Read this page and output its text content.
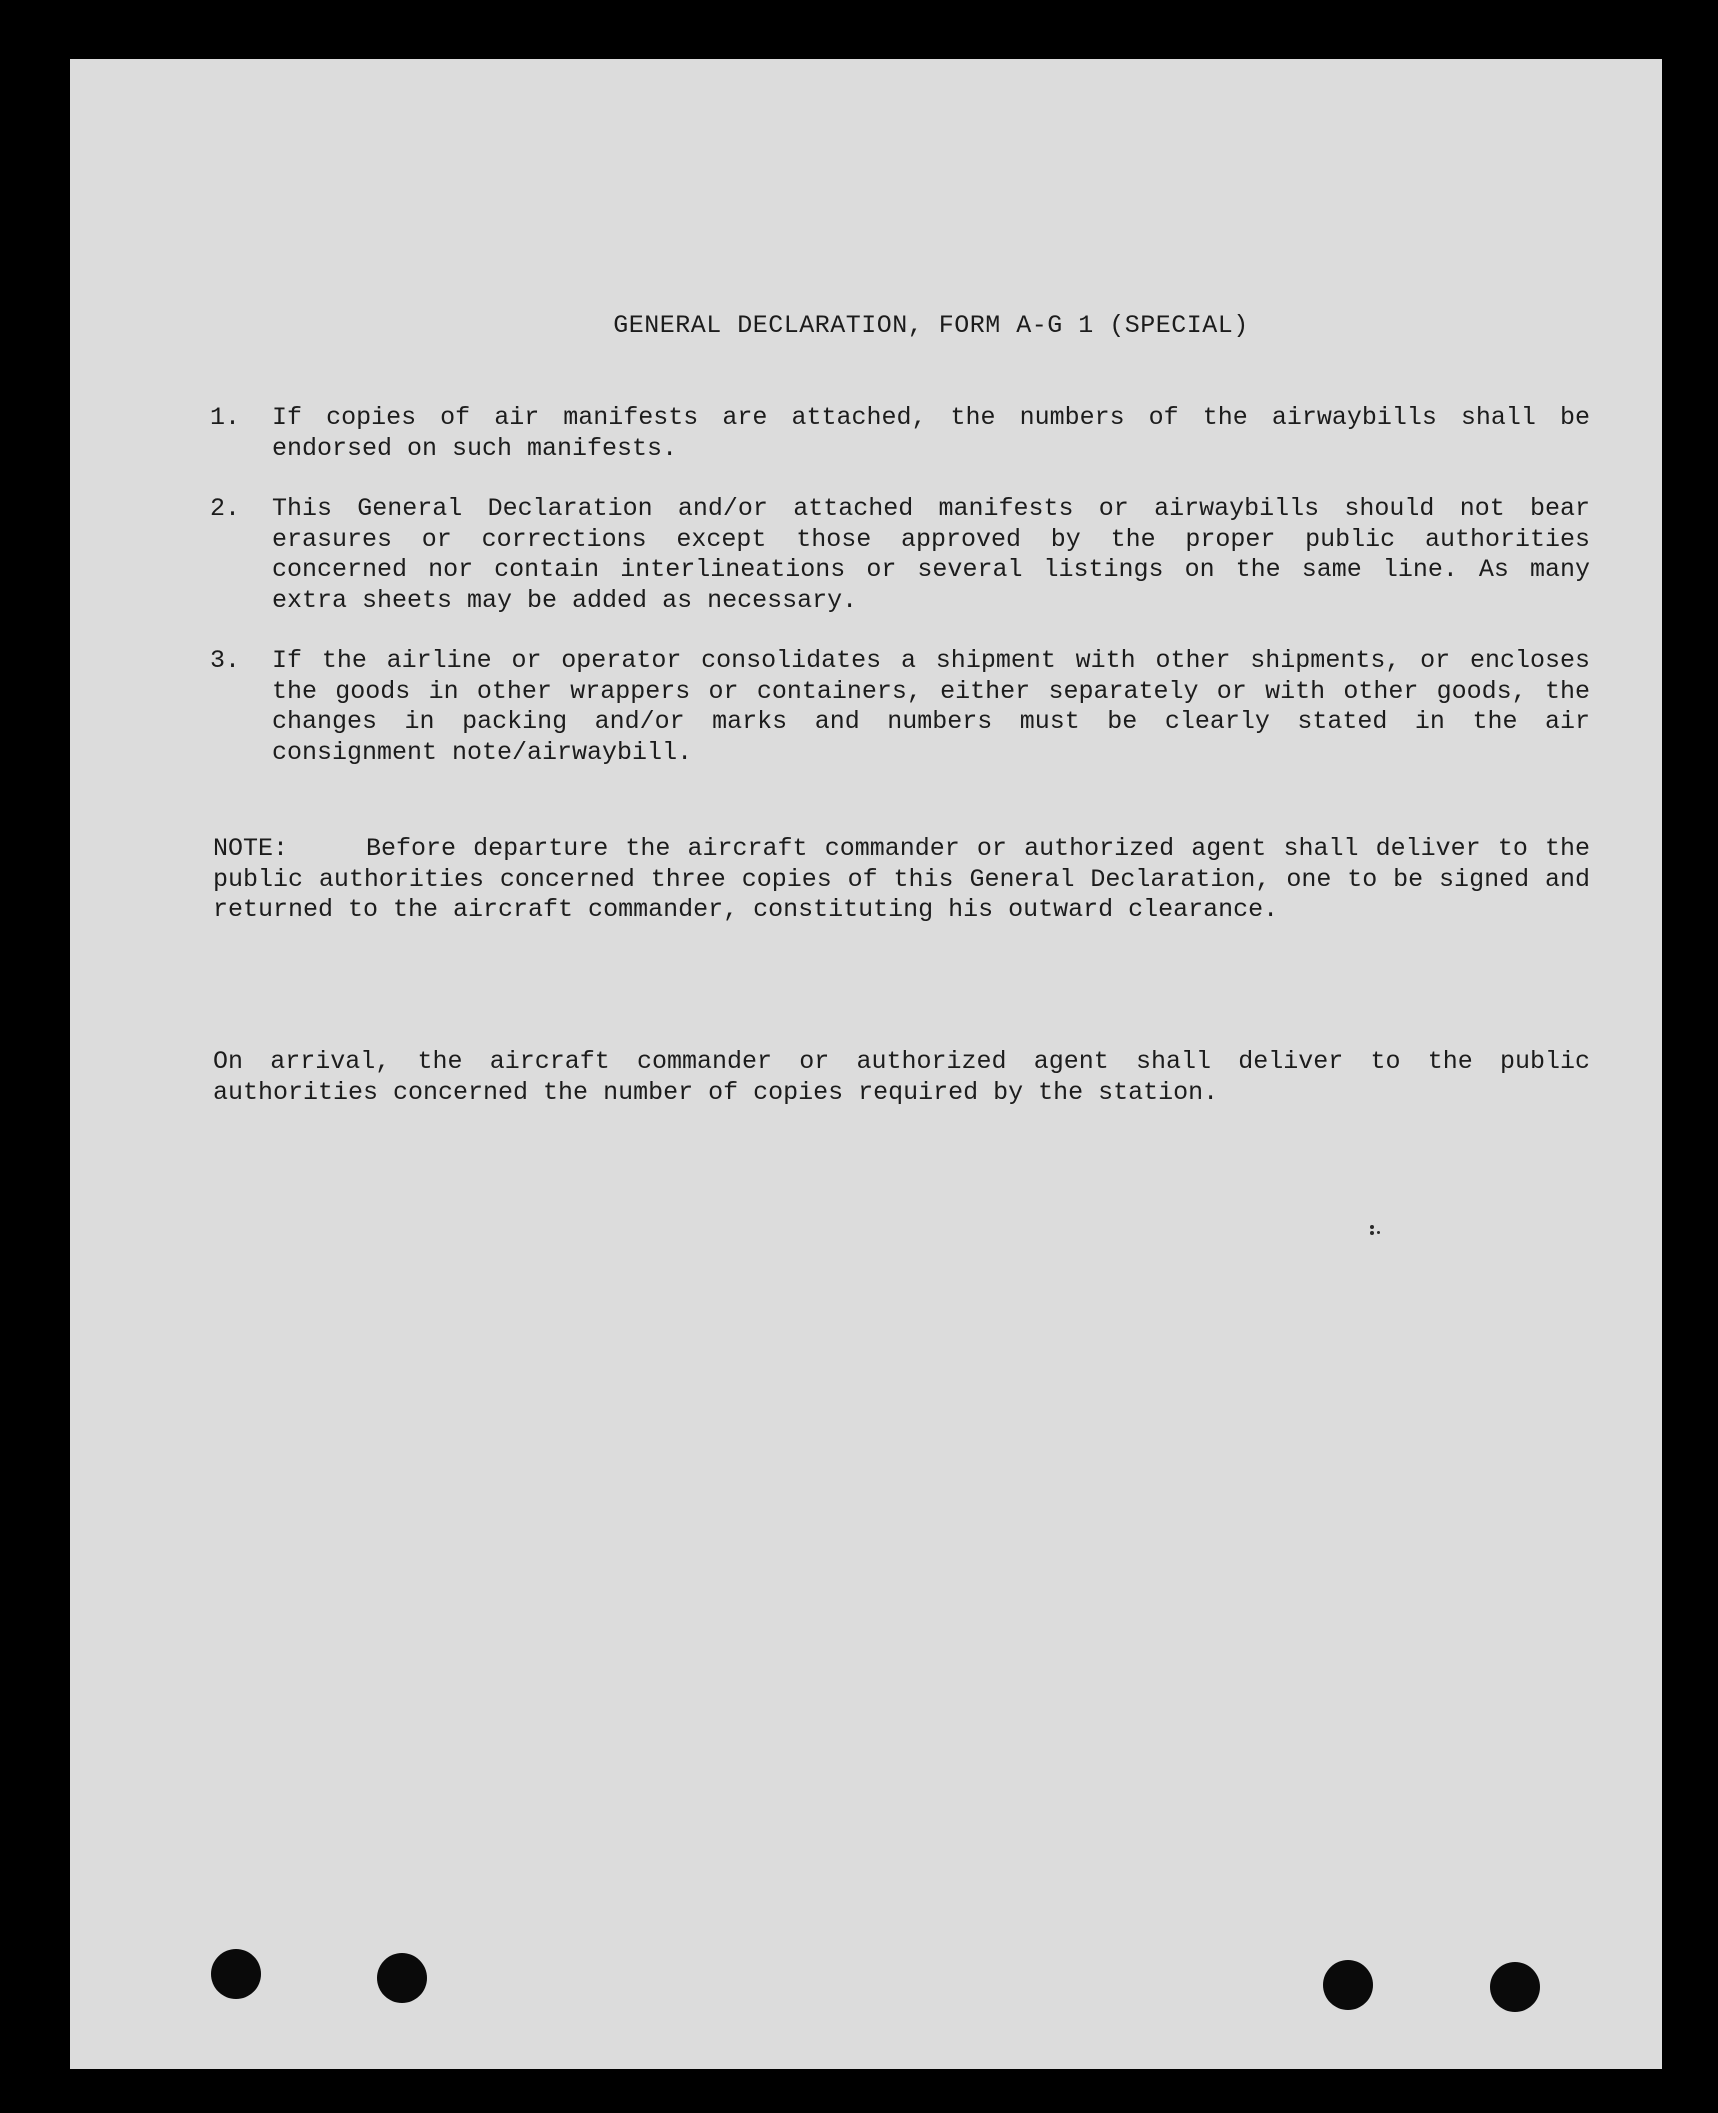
GENERAL DECLARATION, FORM A-G 1 (SPECIAL)
1.	If copies of air manifests are attached, the numbers of the airwaybills shall be endorsed on such manifests.
2.	This General Declaration and/or attached manifests or airwaybills should not bear erasures or corrections except those approved by the proper public authorities concerned nor contain interlineations or several listings on the same line. As many extra sheets may be added as necessary.
3.	If the airline or operator consolidates a shipment with other shipments, or encloses the goods in other wrappers or containers, either separately or with other goods, the changes in packing and/or marks and numbers must be clearly stated in the air consignment note/airwaybill.

NOTE:	Before departure the aircraft commander or authorized agent shall deliver to the public authorities concerned three copies of this General Declaration, one to be signed and returned to the aircraft commander, constituting his outward clearance.

On arrival, the aircraft commander or authorized agent shall deliver to the public authorities concerned the number of copies required by the station.
